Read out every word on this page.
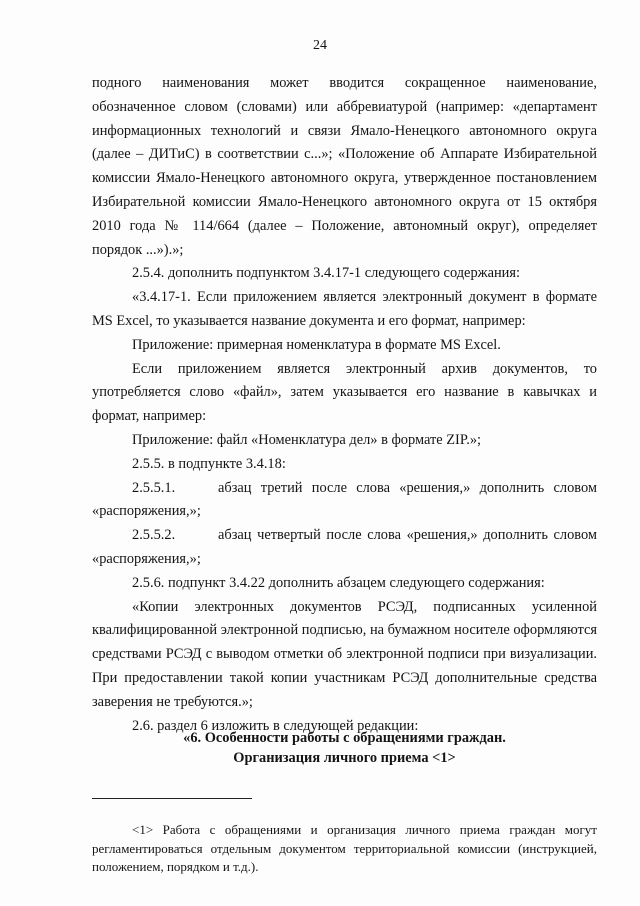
24

подного наименования может вводится сокращенное наименование, обозначенное словом (словами) или аббревиатурой (например: «департамент информационных технологий и связи Ямало-Ненецкого автономного округа (далее – ДИТиС) в соответствии с...»; «Положение об Аппарате Избирательной комиссии Ямало-Ненецкого автономного округа, утвержденное постановлением Избирательной комиссии Ямало-Ненецкого автономного округа от 15 октября 2010 года № 114/664 (далее – Положение, автономный округ), определяет порядок ...»).»;

2.5.4. дополнить подпунктом 3.4.17-1 следующего содержания:

«3.4.17-1. Если приложением является электронный документ в формате MS Excel, то указывается название документа и его формат, например:

Приложение: примерная номенклатура в формате MS Excel.

Если приложением является электронный архив документов, то употребляется слово «файл», затем указывается его название в кавычках и формат, например:

Приложение: файл «Номенклатура дел» в формате ZIP.»;

2.5.5. в подпункте 3.4.18:

2.5.5.1.	абзац третий после слова «решения,» дополнить словом

«распоряжения,»;

2.5.5.2.	абзац четвертый после слова «решения,» дополнить словом

«распоряжения,»;

2.5.6. подпункт 3.4.22 дополнить абзацем следующего содержания:

«Копии электронных документов РСЭД, подписанных усиленной квалифицированной электронной подписью, на бумажном носителе оформляются средствами РСЭД с выводом отметки об электронной подписи при визуализации. При предоставлении такой копии участникам РСЭД дополнительные средства заверения не требуются.»;

2.6. раздел 6 изложить в следующей редакции:

«6. Особенности работы с обращениями граждан.

Организация личного приема <1>

<1> Работа с обращениями и организация личного приема граждан могут регламентироваться отдельным документом территориальной комиссии (инструкцией, положением, порядком и т.д.).
